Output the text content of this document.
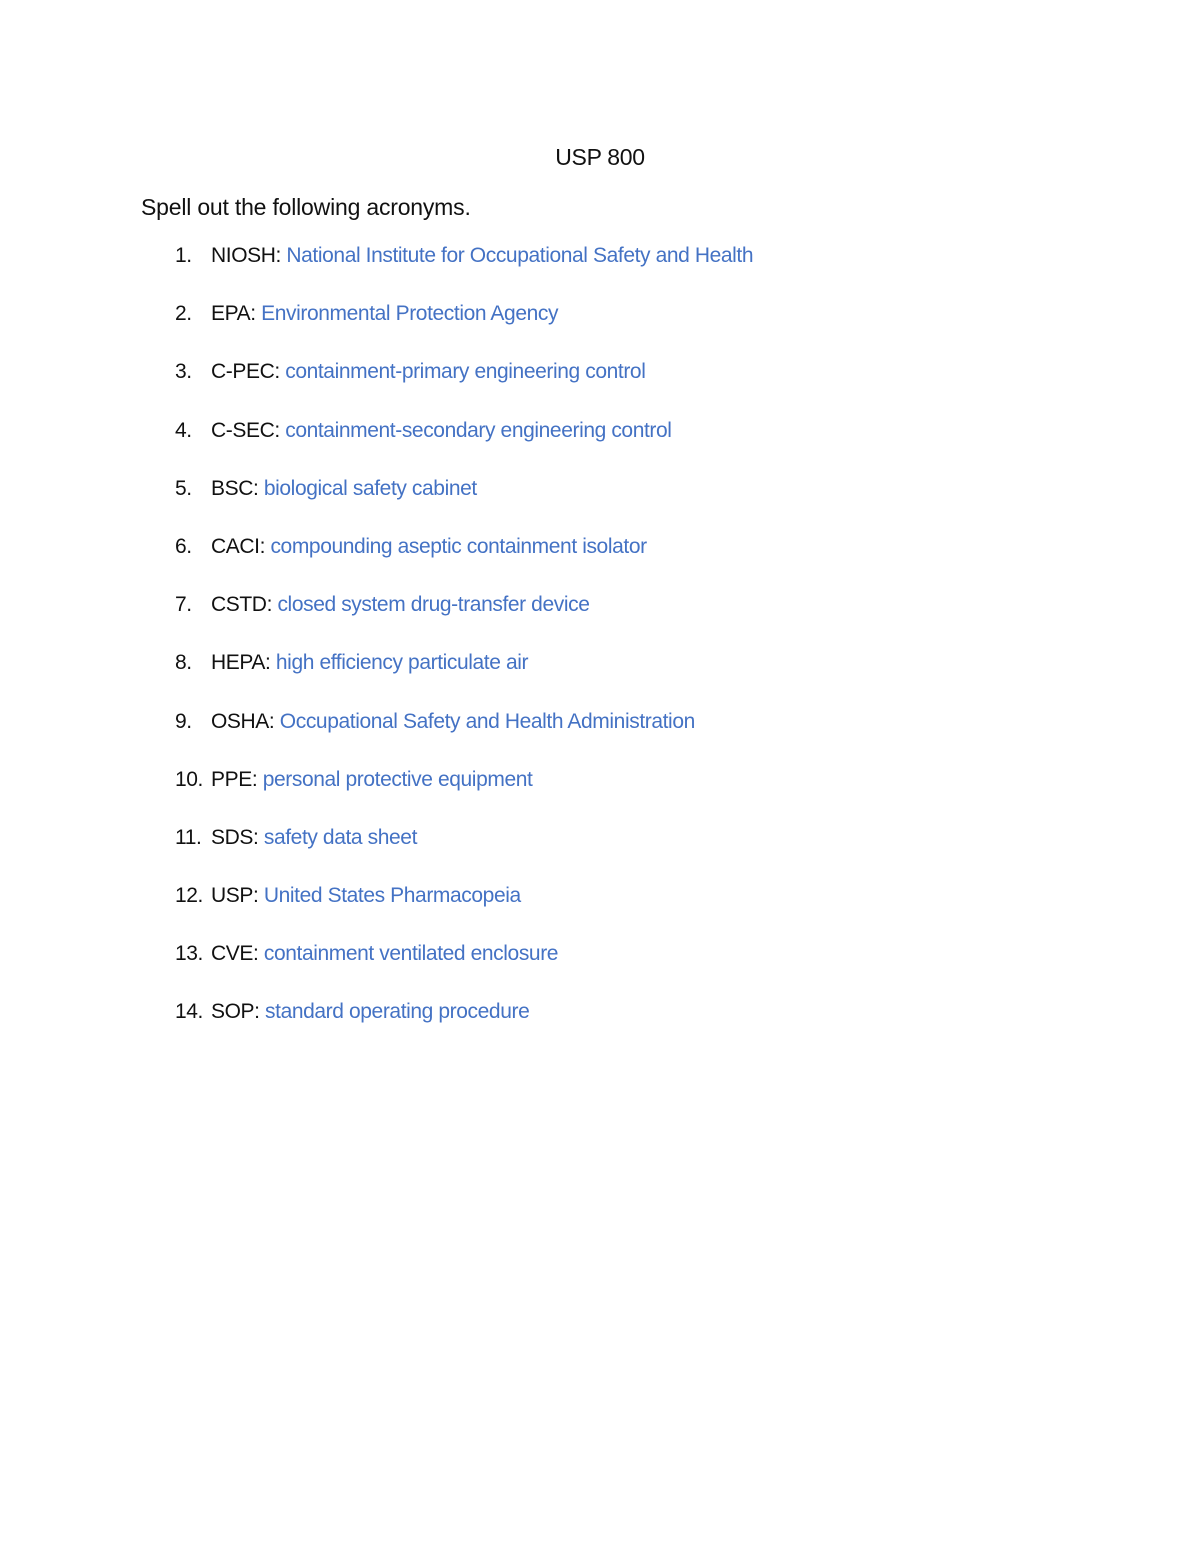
USP 800
Spell out the following acronyms.
1. NIOSH: National Institute for Occupational Safety and Health
2. EPA: Environmental Protection Agency
3. C-PEC: containment-primary engineering control
4. C-SEC: containment-secondary engineering control
5. BSC: biological safety cabinet
6. CACI: compounding aseptic containment isolator
7. CSTD: closed system drug-transfer device
8. HEPA: high efficiency particulate air
9. OSHA: Occupational Safety and Health Administration
10. PPE: personal protective equipment
11. SDS: safety data sheet
12. USP: United States Pharmacopeia
13. CVE: containment ventilated enclosure
14. SOP: standard operating procedure
